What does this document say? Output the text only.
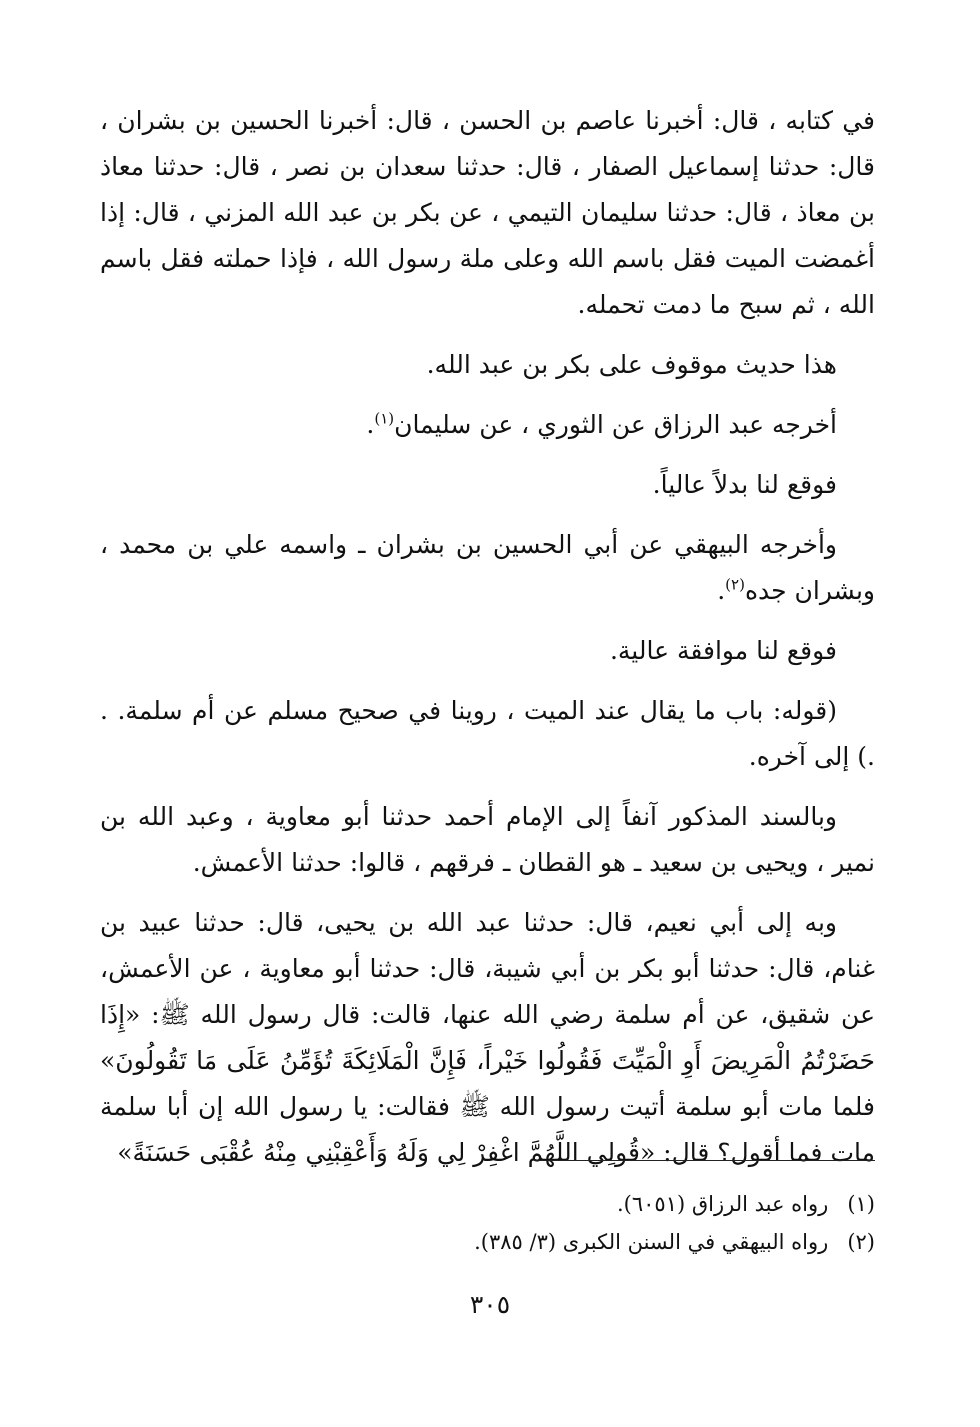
في كتابه ، قال: أخبرنا عاصم بن الحسن ، قال: أخبرنا الحسين بن بشران ، قال: حدثنا إسماعيل الصفار ، قال: حدثنا سعدان بن نصر ، قال: حدثنا معاذ بن معاذ ، قال: حدثنا سليمان التيمي ، عن بكر بن عبد الله المزني ، قال: إذا أغمضت الميت فقل باسم الله وعلى ملة رسول الله ، فإذا حملته فقل باسم الله ، ثم سبح ما دمت تحمله.

هذا حديث موقوف على بكر بن عبد الله.

أخرجه عبد الرزاق عن الثوري ، عن سليمان$^{(١)}$.

فوقع لنا بدلاً عالياً.

وأخرجه البيهقي عن أبي الحسين بن بشران ـ واسمه علي بن محمد ، وبشران جده$^{(٢)}$.

فوقع لنا موافقة عالية.

(قوله: باب ما يقال عند الميت ، روينا في صحيح مسلم عن أم سلمة. . .) إلى آخره.

وبالسند المذكور آنفاً إلى الإمام أحمد حدثنا أبو معاوية ، وعبد الله بن نمير ، ويحيى بن سعيد ـ هو القطان ـ فرقهم ، قالوا: حدثنا الأعمش.

وبه إلى أبي نعيم، قال: حدثنا عبد الله بن يحيى، قال: حدثنا عبيد بن غنام، قال: حدثنا أبو بكر بن أبي شيبة، قال: حدثنا أبو معاوية ، عن الأعمش، عن شقيق، عن أم سلمة رضي الله عنها، قالت: قال رسول الله ﷺ: «إِذَا حَضَرْتُمُ الْمَرِيضَ أَوِ الْمَيِّتَ فَقُولُوا خَيْراً، فَإِنَّ الْمَلَائِكَةَ تُؤَمِّنُ عَلَى مَا تَقُولُونَ» فلما مات أبو سلمة أتيت رسول الله ﷺ فقالت: يا رسول الله إن أبا سلمة مات فما أقول؟ قال: «قُولِي اللَّهُمَّ اغْفِرْ لِي وَلَهُ وَأَعْقِبْنِي مِنْهُ عُقْبَى حَسَنَةً»

(١) رواه عبد الرزاق (٦٠٥١).

(٢) رواه البيهقي في السنن الكبرى (٣/ ٣٨٥).

٣٠٥
